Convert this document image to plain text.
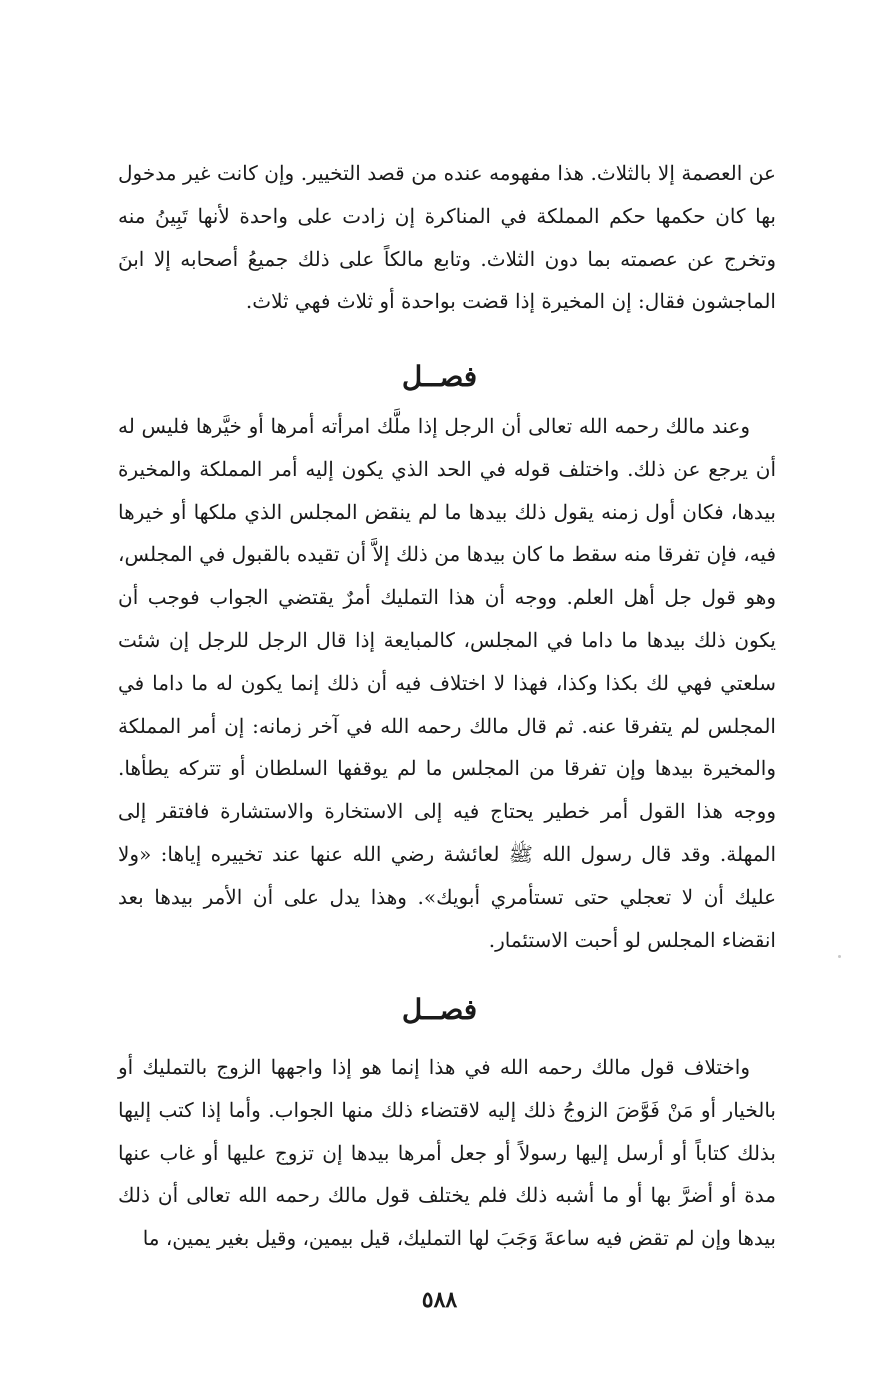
عن العصمة إلا بالثلاث. هذا مفهومه عنده من قصد التخيير. وإن كانت غير مدخول بها كان حكمها حكم المملكة في المناكرة إن زادت على واحدة لأنها تَبِينُ منه وتخرج عن عصمته بما دون الثلاث. وتابع مالكاً على ذلك جميعُ أصحابه إلا ابنَ الماجشون فقال: إن المخيرة إذا قضت بواحدة أو ثلاث فهي ثلاث.

فصــل

وعند مالك رحمه الله تعالى أن الرجل إذا ملَّك امرأته أمرها أو خيَّرها فليس له أن يرجع عن ذلك. واختلف قوله في الحد الذي يكون إليه أمر المملكة والمخيرة بيدها، فكان أول زمنه يقول ذلك بيدها ما لم ينقض المجلس الذي ملكها أو خيرها فيه، فإن تفرقا منه سقط ما كان بيدها من ذلك إلاَّ أن تقيده بالقبول في المجلس، وهو قول جل أهل العلم. ووجه أن هذا التمليك أمرٌ يقتضي الجواب فوجب أن يكون ذلك بيدها ما داما في المجلس، كالمبايعة إذا قال الرجل للرجل إن شئت سلعتي فهي لك بكذا وكذا، فهذا لا اختلاف فيه أن ذلك إنما يكون له ما داما في المجلس لم يتفرقا عنه. ثم قال مالك رحمه الله في آخر زمانه: إن أمر المملكة والمخيرة بيدها وإن تفرقا من المجلس ما لم يوقفها السلطان أو تتركه يطأها. ووجه هذا القول أمر خطير يحتاج فيه إلى الاستخارة والاستشارة فافتقر إلى المهلة. وقد قال رسول الله ﷺ لعائشة رضي الله عنها عند تخييره إياها: «ولا عليك أن لا تعجلي حتى تستأمري أبويك». وهذا يدل على أن الأمر بيدها بعد انقضاء المجلس لو أحبت الاستئمار.

فصــل

واختلاف قول مالك رحمه الله في هذا إنما هو إذا واجهها الزوج بالتمليك أو بالخيار أو مَنْ فَوَّضَ الزوجُ ذلك إليه لاقتضاء ذلك منها الجواب. وأما إذا كتب إليها بذلك كتاباً أو أرسل إليها رسولاً أو جعل أمرها بيدها إن تزوج عليها أو غاب عنها مدة أو أضرَّ بها أو ما أشبه ذلك فلم يختلف قول مالك رحمه الله تعالى أن ذلك بيدها وإن لم تقض فيه ساعةَ وَجَبَ لها التمليك، قيل بيمين، وقيل بغير يمين، ما

٥٨٨
